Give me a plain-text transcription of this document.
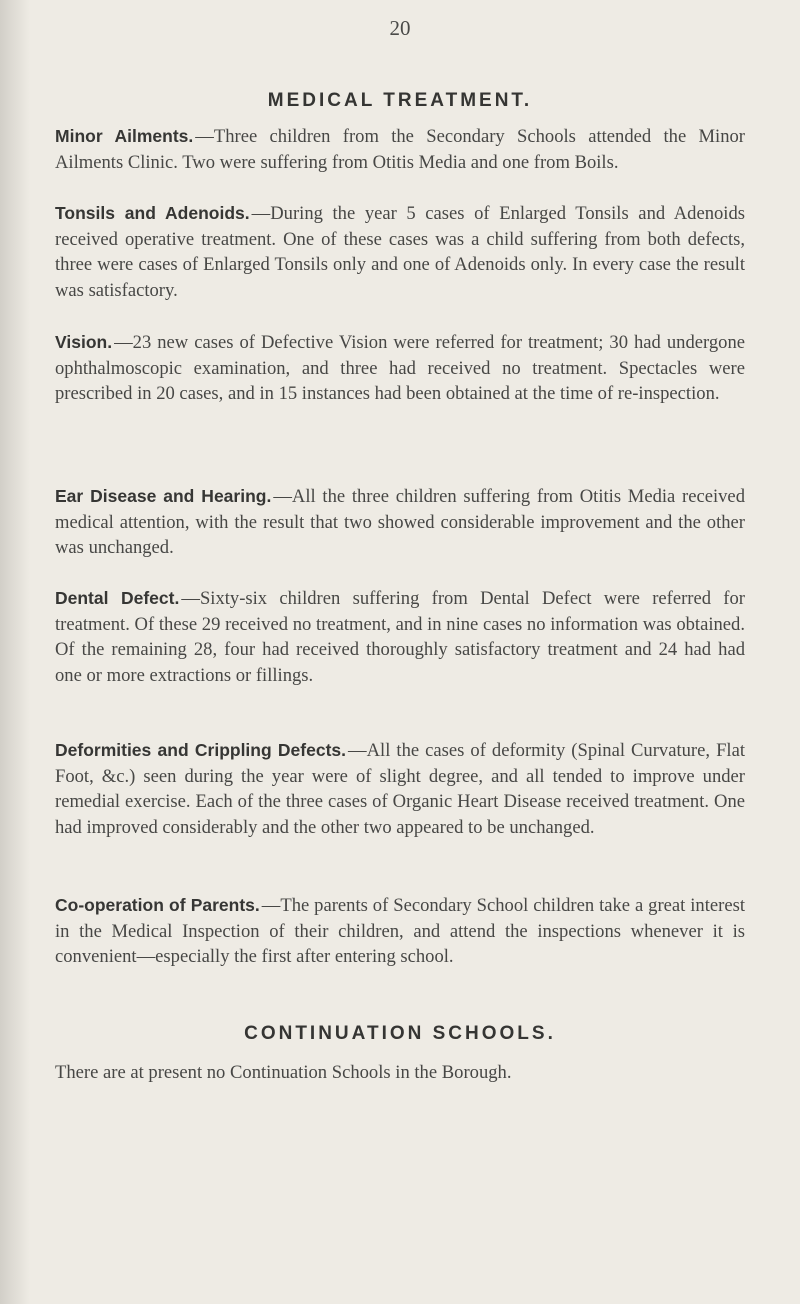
20
MEDICAL TREATMENT.

Minor Ailments. —Three children from the Secondary Schools attended the Minor Ailments Clinic. Two were suffering from Otitis Media and one from Boils.

Tonsils and Adenoids. —During the year 5 cases of Enlarged Tonsils and Adenoids received operative treatment. One of these cases was a child suffering from both defects, three were cases of Enlarged Tonsils only and one of Adenoids only. In every case the result was satisfactory.

Vision. —23 new cases of Defective Vision were referred for treatment; 30 had undergone ophthalmoscopic examination, and three had received no treatment. Spectacles were prescribed in 20 cases, and in 15 instances had been obtained at the time of re-inspection.

Ear Disease and Hearing. —All the three children suffering from Otitis Media received medical attention, with the result that two showed considerable improvement and the other was unchanged.

Dental Defect. —Sixty-six children suffering from Dental Defect were referred for treatment. Of these 29 received no treatment, and in nine cases no information was obtained. Of the remaining 28, four had received thoroughly satisfactory treatment and 24 had had one or more extractions or fillings.

Deformities and Crippling Defects. —All the cases of deformity (Spinal Curvature, Flat Foot, &c.) seen during the year were of slight degree, and all tended to improve under remedial exercise. Each of the three cases of Organic Heart Disease received treatment. One had improved considerably and the other two appeared to be unchanged.

Co-operation of Parents. —The parents of Secondary School children take a great interest in the Medical Inspection of their children, and attend the inspections whenever it is convenient—especially the first after entering school.

CONTINUATION SCHOOLS.

There are at present no Continuation Schools in the Borough.
